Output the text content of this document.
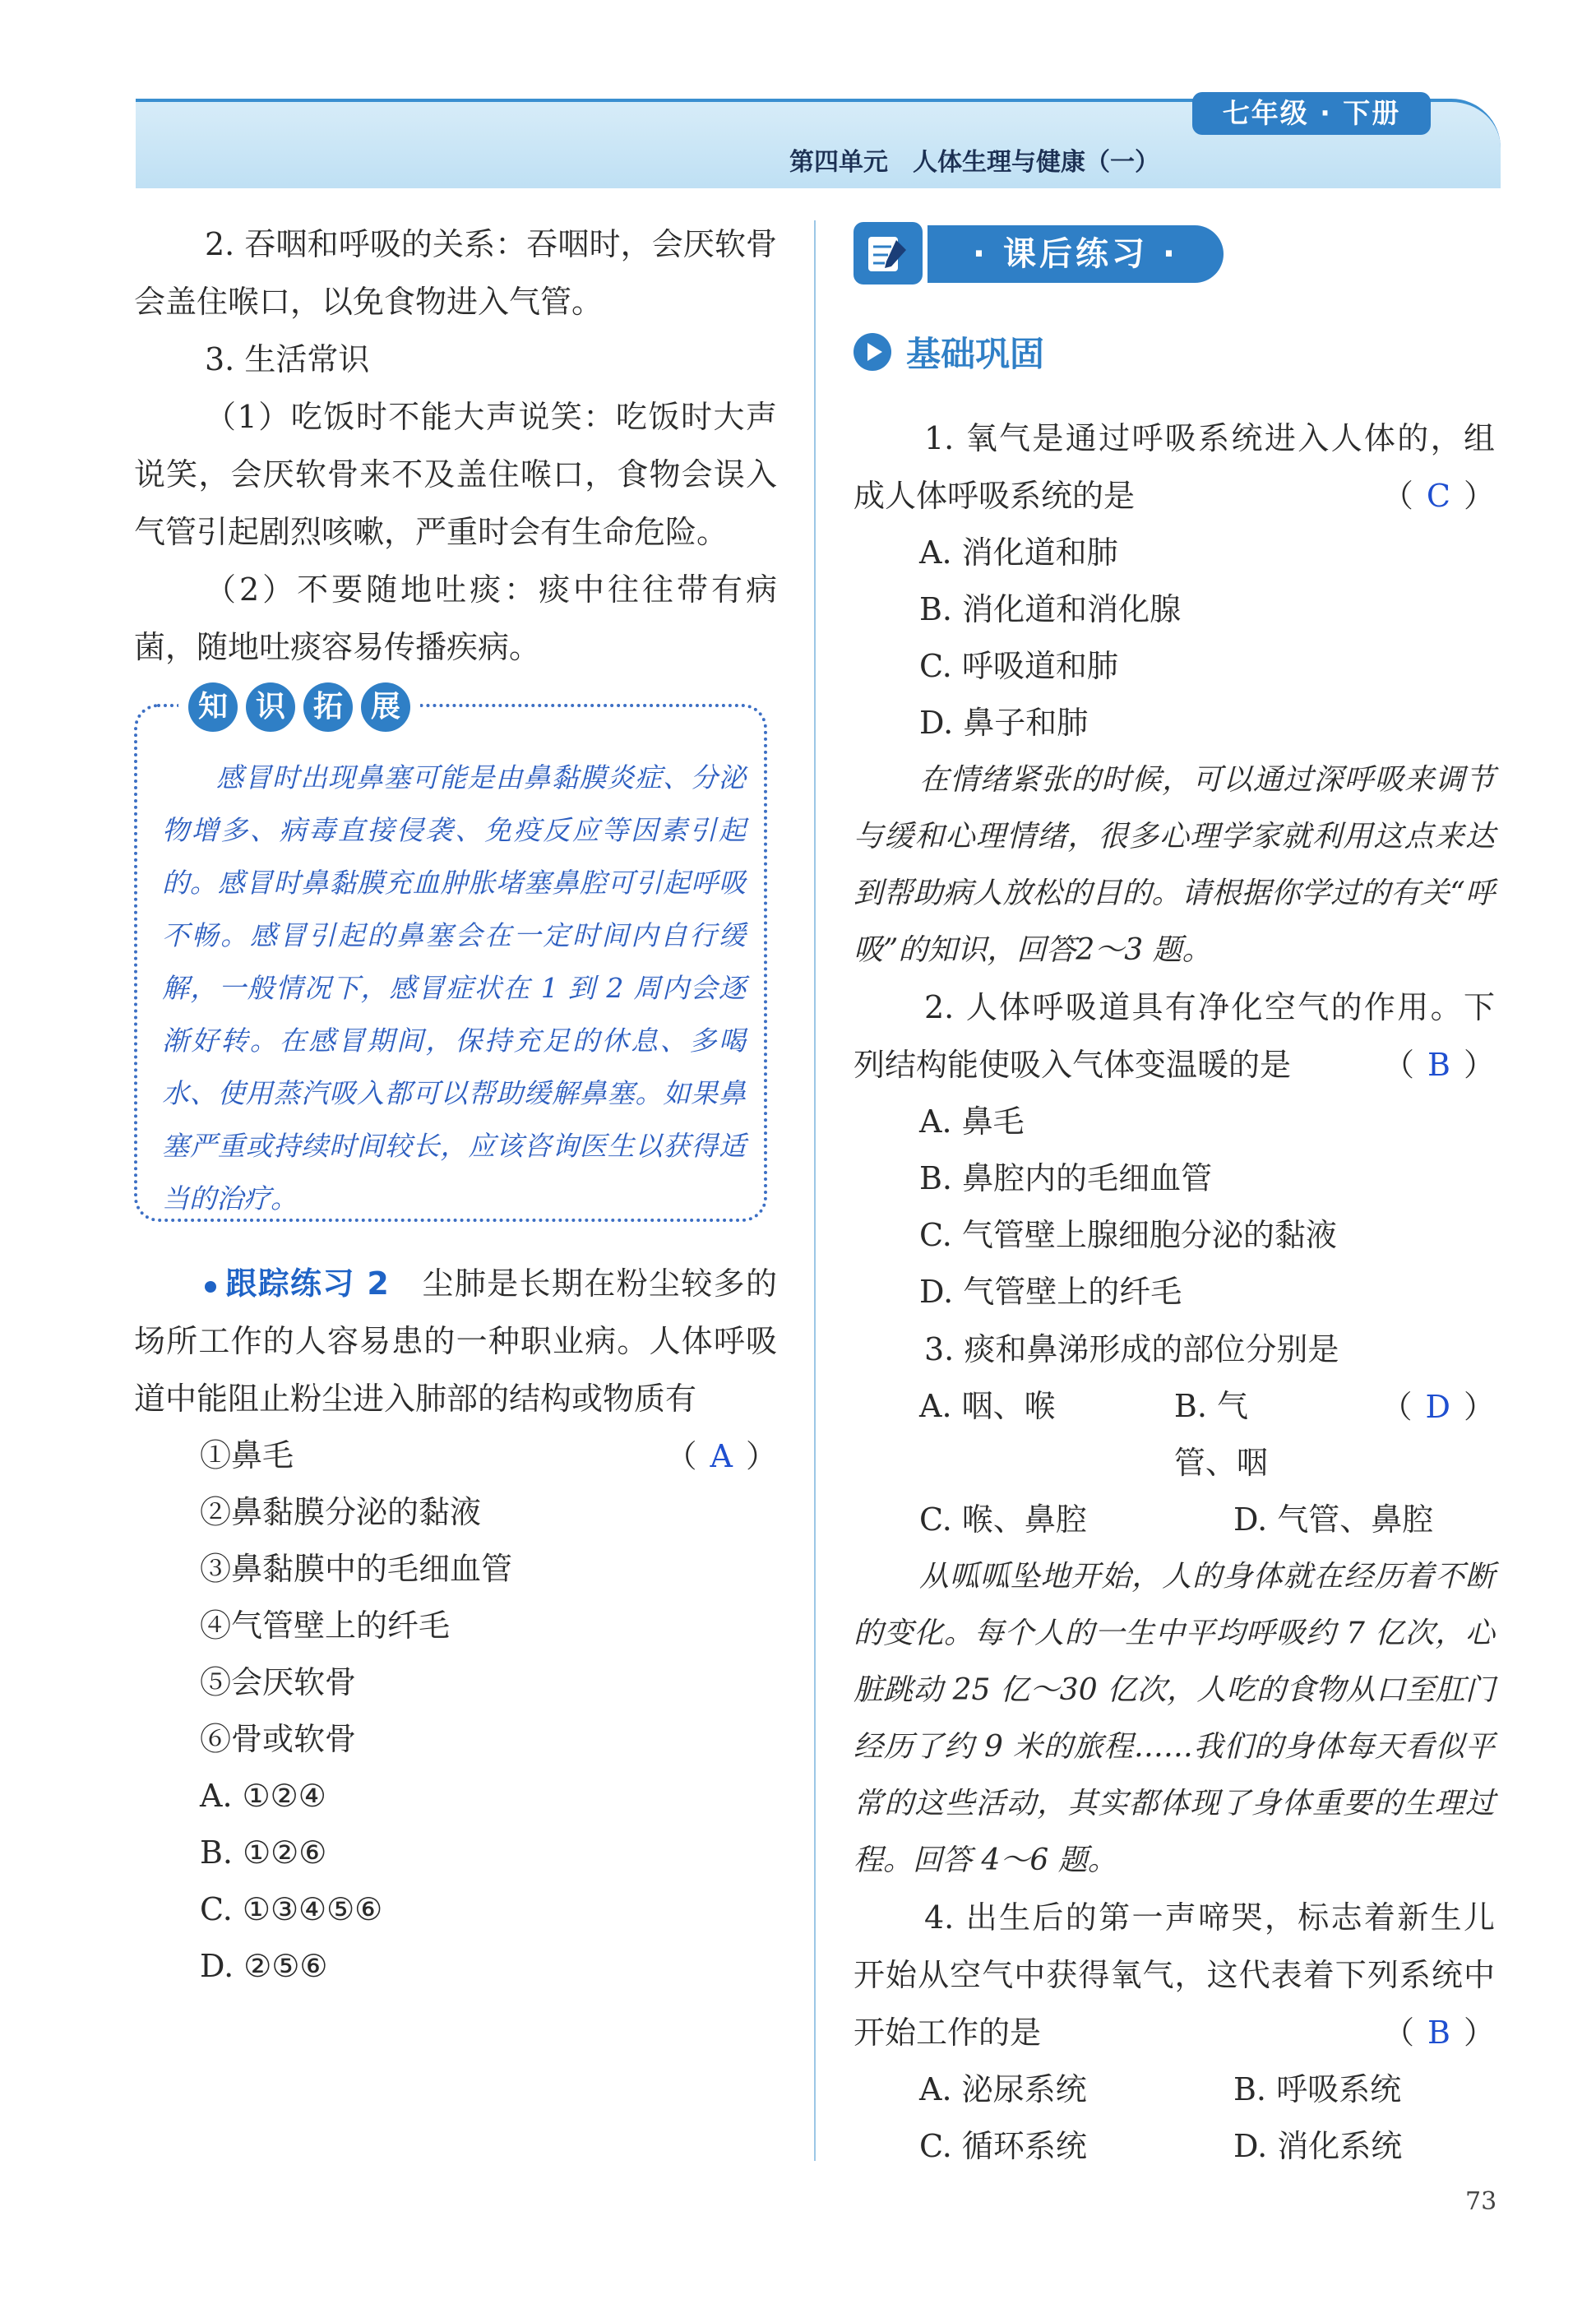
七年级 · 下册
第四单元　人体生理与健康（一）

2. 吞咽和呼吸的关系：吞咽时，会厌软骨会盖住喉口，以免食物进入气管。

3. 生活常识

（1）吃饭时不能大声说笑：吃饭时大声说笑，会厌软骨来不及盖住喉口，食物会误入气管引起剧烈咳嗽，严重时会有生命危险。

（2）不要随地吐痰：痰中往往带有病菌，随地吐痰容易传播疾病。

知 识 拓 展
感冒时出现鼻塞可能是由鼻黏膜炎症、分泌物增多、病毒直接侵袭、免疫反应等因素引起的。感冒时鼻黏膜充血肿胀堵塞鼻腔可引起呼吸不畅。感冒引起的鼻塞会在一定时间内自行缓解，一般情况下，感冒症状在 1 到 2 周内会逐渐好转。在感冒期间，保持充足的休息、多喝水、使用蒸汽吸入都可以帮助缓解鼻塞。如果鼻塞严重或持续时间较长，应该咨询医生以获得适当的治疗。

跟踪练习 2　 尘肺是长期在粉尘较多的场所工作的人容易患的一种职业病。人体呼吸道中能阻止粉尘进入肺部的结构或物质有
（ A ）

①鼻毛
②鼻黏膜分泌的黏液
③鼻黏膜中的毛细血管
④气管壁上的纤毛
⑤会厌软骨
⑥骨或软骨
A. ①②④
B. ①②⑥
C. ①③④⑤⑥
D. ②⑤⑥
· 课后练习 ·
基础巩固

1. 氧气是通过呼吸系统进入人体的，组成人体呼吸系统的是	（ C ）

A. 消化道和肺
B. 消化道和消化腺
C. 呼吸道和肺
D. 鼻子和肺

在情绪紧张的时候，可以通过深呼吸来调节与缓和心理情绪，很多心理学家就利用这点来达到帮助病人放松的目的。请根据你学过的有关“呼吸”的知识，回答2～3 题。

2. 人体呼吸道具有净化空气的作用。下列结构能使吸入气体变温暖的是	（ B ）

A. 鼻毛
B. 鼻腔内的毛细血管
C. 气管壁上腺细胞分泌的黏液
D. 气管壁上的纤毛

3. 痰和鼻涕形成的部位分别是
（ D ）

A. 咽、喉	B. 气管、咽
C. 喉、鼻腔	D. 气管、鼻腔

从呱呱坠地开始，人的身体就在经历着不断的变化。每个人的一生中平均呼吸约 7 亿次，心脏跳动 25 亿～30 亿次，人吃的食物从口至肛门经历了约 9 米的旅程……我们的身体每天看似平常的这些活动，其实都体现了身体重要的生理过程。回答 4～6 题。

4. 出生后的第一声啼哭，标志着新生儿开始从空气中获得氧气，这代表着下列系统中开始工作的是	（ B ）

A. 泌尿系统	B. 呼吸系统
C. 循环系统	D. 消化系统
73
